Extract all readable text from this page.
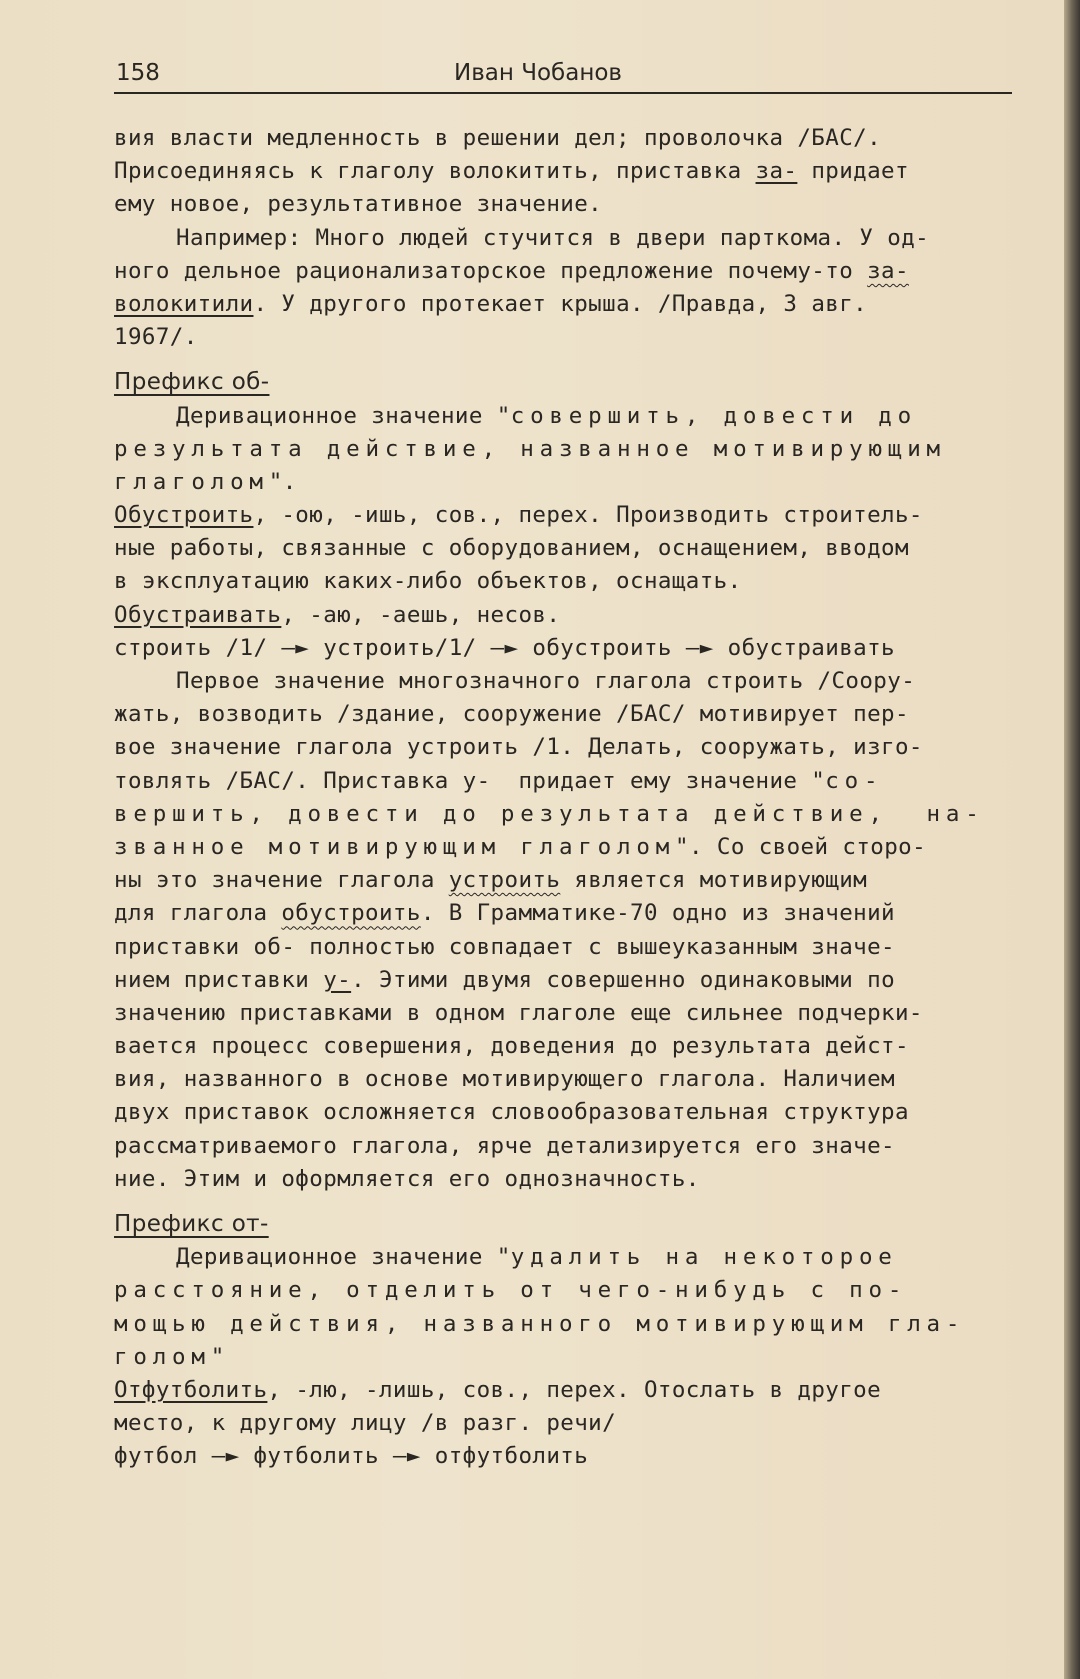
158	Иван Чобанов
вия власти медленность в решении дел; проволочка /БАС/.
Присоединяясь к глаголу волокитить, приставка за- придает
ему новое, результативное значение.
Например: Много людей стучится в двери парткома. У од-
ного дельное рационализаторское предложение почему-то за-
волокитили. У другого протекает крыша. /Правда, 3 авг.
1967/.
Префикс об-
Деривационное значение "совершить, довести до
результата действие, названное мотивирующим
глаголом".
Обустроить, -ою, -ишь, сов., перех. Производить строитель-
ные работы, связанные с оборудованием, оснащением, вводом
в эксплуатацию каких-либо объектов, оснащать.
Обустраивать, -аю, -аешь, несов.
строить /1/ —► устроить/1/ —► обустроить —► обустраивать
Первое значение многозначного глагола строить /Соору-
жать, возводить /здание, сооружение /БАС/ мотивирует пер-
вое значение глагола устроить /1. Делать, сооружать, изго-
товлять /БАС/. Приставка у-  придает ему значение "со-
вершить, довести до результата действие,  на-
званное мотивирующим глаголом". Со своей сторо-
ны это значение глагола устроить является мотивирующим
для глагола обустроить. В Грамматике-70 одно из значений
приставки об- полностью совпадает с вышеуказанным значе-
нием приставки у-. Этими двумя совершенно одинаковыми по
значению приставками в одном глаголе еще сильнее подчерки-
вается процесс совершения, доведения до результата дейст-
вия, названного в основе мотивирующего глагола. Наличием
двух приставок осложняется словообразовательная структура
рассматриваемого глагола, ярче детализируется его значе-
ние. Этим и оформляется его однозначность.
Префикс от-
Деривационное значение "удалить на некоторое
расстояние, отделить от чего-нибудь с по-
мощью действия, названного мотивирующим гла-
голом"
Отфутболить, -лю, -лишь, сов., перех. Отослать в другое
место, к другому лицу /в разг. речи/
футбол —► футболить —► отфутболить
